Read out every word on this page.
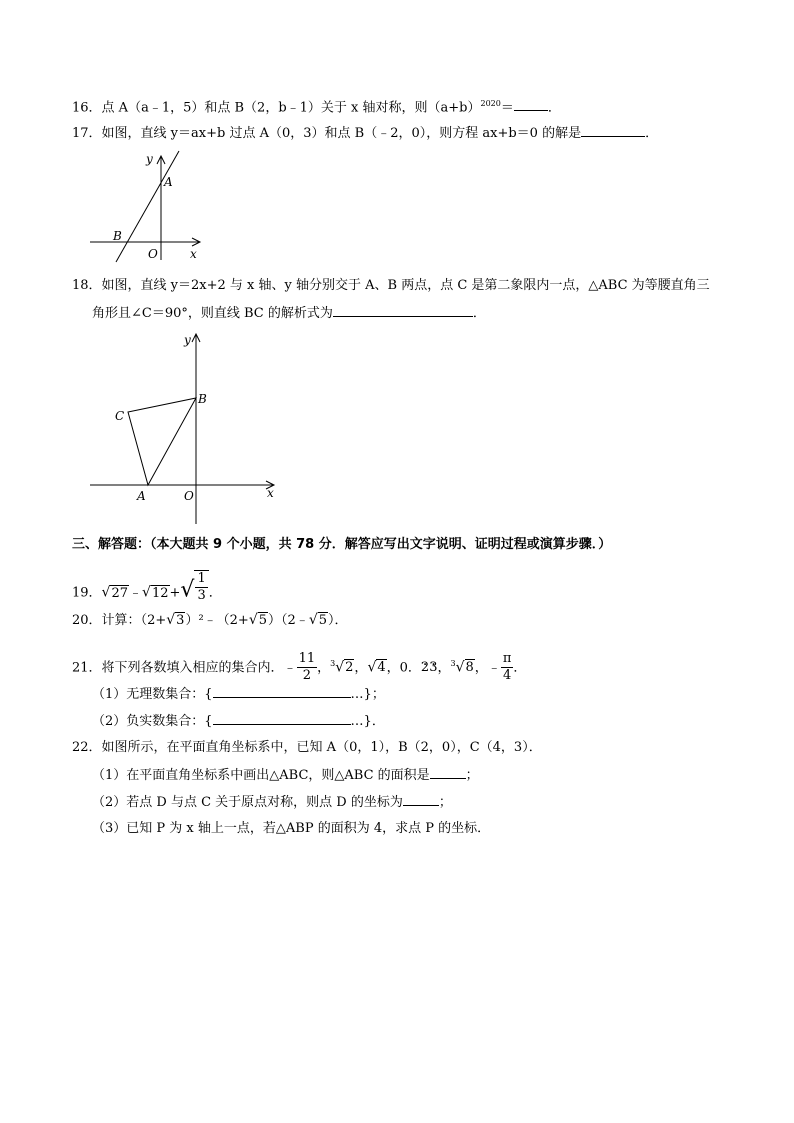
16．点 A（a﹣1，5）和点 B（2，b﹣1）关于 x 轴对称，则$(a+b)^{2020}=$	．
17．如图，直线 y＝ax+b 过点 A（0，3）和点 B（﹣2，0），则方程 ax+b＝0 的解是	．
y
x
A
B
O
18．如图，直线 y＝2x+2 与 x 轴、y 轴分别交于 A、B 两点，点 C 是第二象限内一点，△ABC 为等腰直角三
角形且∠C＝90°，则直线 BC 的解析式为	．
y
x
B
C
A	O
三、解答题：（本大题共 9 个小题，共 78 分．解答应写出文字说明、证明过程或演算步骤．）
19．√27﹣√12+√ $\frac{1}{3}$ ．
20．计算：（2+√3）²﹣（2+√5）（2﹣√5）．
21．将下列各数填入相应的集合内．﹣ $\frac{11}{2}$ ，$^3$√2，√4，0．· 2· 3，$^3$√8，﹣ $\frac{\pi}{4}$ ．
（1）无理数集合：{	…}；
（2）负实数集合：{	…}．
22．如图所示，在平面直角坐标系中，已知 A（0，1），B（2，0），C（4，3）．
（1）在平面直角坐标系中画出△ABC，则△ABC 的面积是	；
（2）若点 D 与点 C 关于原点对称，则点 D 的坐标为	；
（3）已知 P 为 x 轴上一点，若△ABP 的面积为 4，求点 P 的坐标．
